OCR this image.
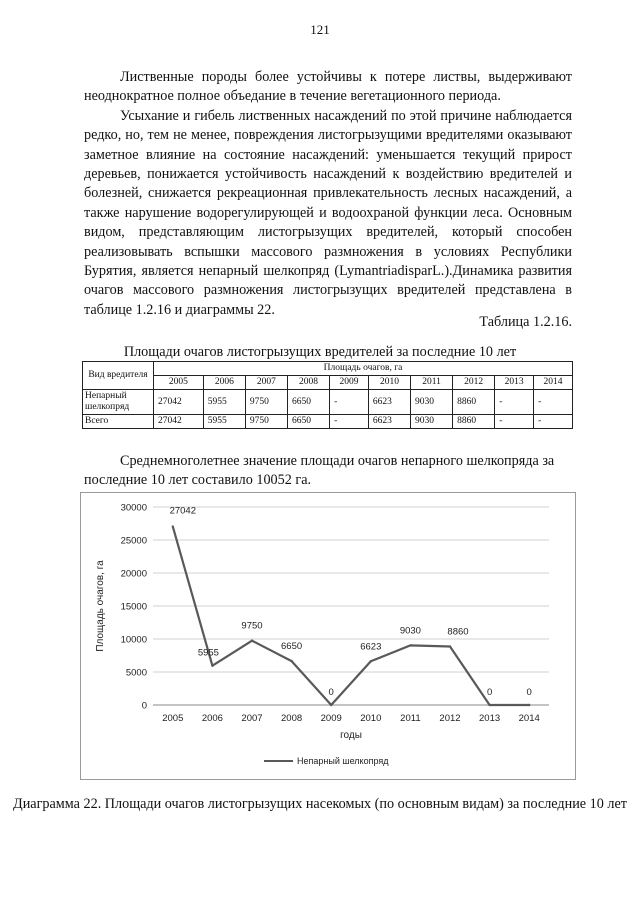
121

Лиственные породы более устойчивы к потере листвы, выдерживают неоднократное полное объедание в течение вегетационного периода.

Усыхание и гибель лиственных насаждений по этой причине наблюдается редко, но, тем не менее, повреждения листогрызущими вредителями оказывают заметное влияние на состояние насаждений: уменьшается текущий прирост деревьев, понижается устойчивость насаждений к воздействию вредителей и болезней, снижается рекреационная привлекательность лесных насаждений, а также нарушение водорегулирующей и водоохраной функции леса. Основным видом, представляющим листогрызущих вредителей, который способен реализовывать вспышки массового размножения в условиях Республики Бурятия, является непарный шелкопряд (LymantriadisparL.).Динамика развития очагов массового размножения листогрызущих вредителей представлена в таблице 1.2.16 и диаграммы 22.

Таблица 1.2.16.
Площади очагов листогрызущих вредителей за последние 10 лет
Вид вредителя	Площадь очагов, га									
	2005	2006	2007	2008	2009	2010	2011	2012	2013	2014
Непарный шелкопряд	27042	5955	9750	6650	-	6623	9030	8860	-	-
Всего	27042	5955	9750	6650	-	6623	9030	8860	-	-

Среднемноголетнее значение площади очагов непарного шелкопряда за последние 10 лет составило 10052 га.

0
5000
10000
15000
20000
25000
30000
2005 2006 2007 2008 2009 2010 2011 2012 2013 2014
Площадь очагов, га
годы
27042
5955
9750
6650
0
6623
9030	8860
0	0
Непарный шелкопряд
Диаграмма 22. Площади очагов листогрызущих насекомых (по основным видам) за последние 10 лет
